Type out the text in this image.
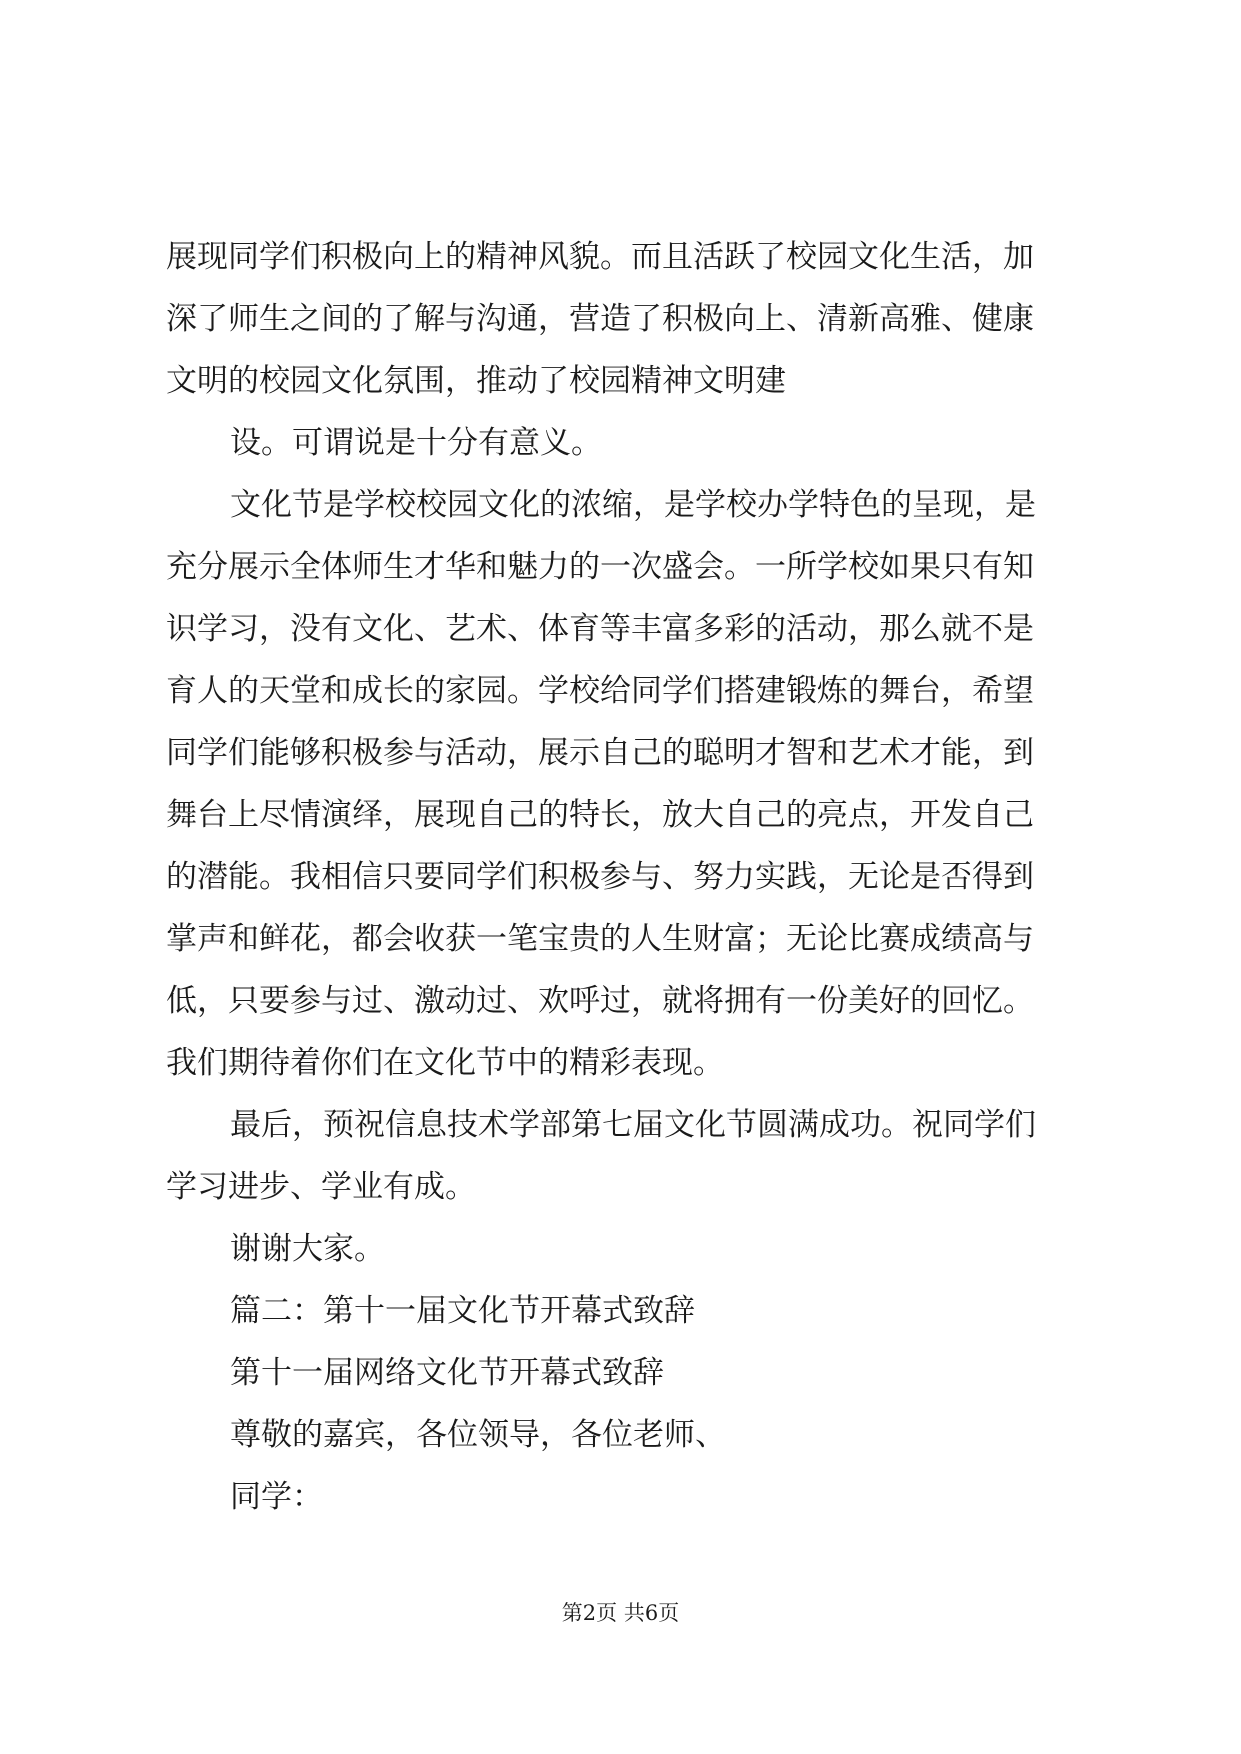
展现同学们积极向上的精神风貌。而且活跃了校园文化生活，加
深了师生之间的了解与沟通，营造了积极向上、清新高雅、健康
文明的校园文化氛围，推动了校园精神文明建
设。可谓说是十分有意义。
文化节是学校校园文化的浓缩，是学校办学特色的呈现，是
充分展示全体师生才华和魅力的一次盛会。一所学校如果只有知
识学习，没有文化、艺术、体育等丰富多彩的活动，那么就不是
育人的天堂和成长的家园。学校给同学们搭建锻炼的舞台，希望
同学们能够积极参与活动，展示自己的聪明才智和艺术才能，到
舞台上尽情演绎，展现自己的特长，放大自己的亮点，开发自己
的潜能。我相信只要同学们积极参与、努力实践，无论是否得到
掌声和鲜花，都会收获一笔宝贵的人生财富；无论比赛成绩高与
低，只要参与过、激动过、欢呼过，就将拥有一份美好的回忆。
我们期待着你们在文化节中的精彩表现。
最后，预祝信息技术学部第七届文化节圆满成功。祝同学们
学习进步、学业有成。
谢谢大家。
篇二：第十一届文化节开幕式致辞
第十一届网络文化节开幕式致辞
尊敬的嘉宾，各位领导，各位老师、
同学：
第2页 共6页
